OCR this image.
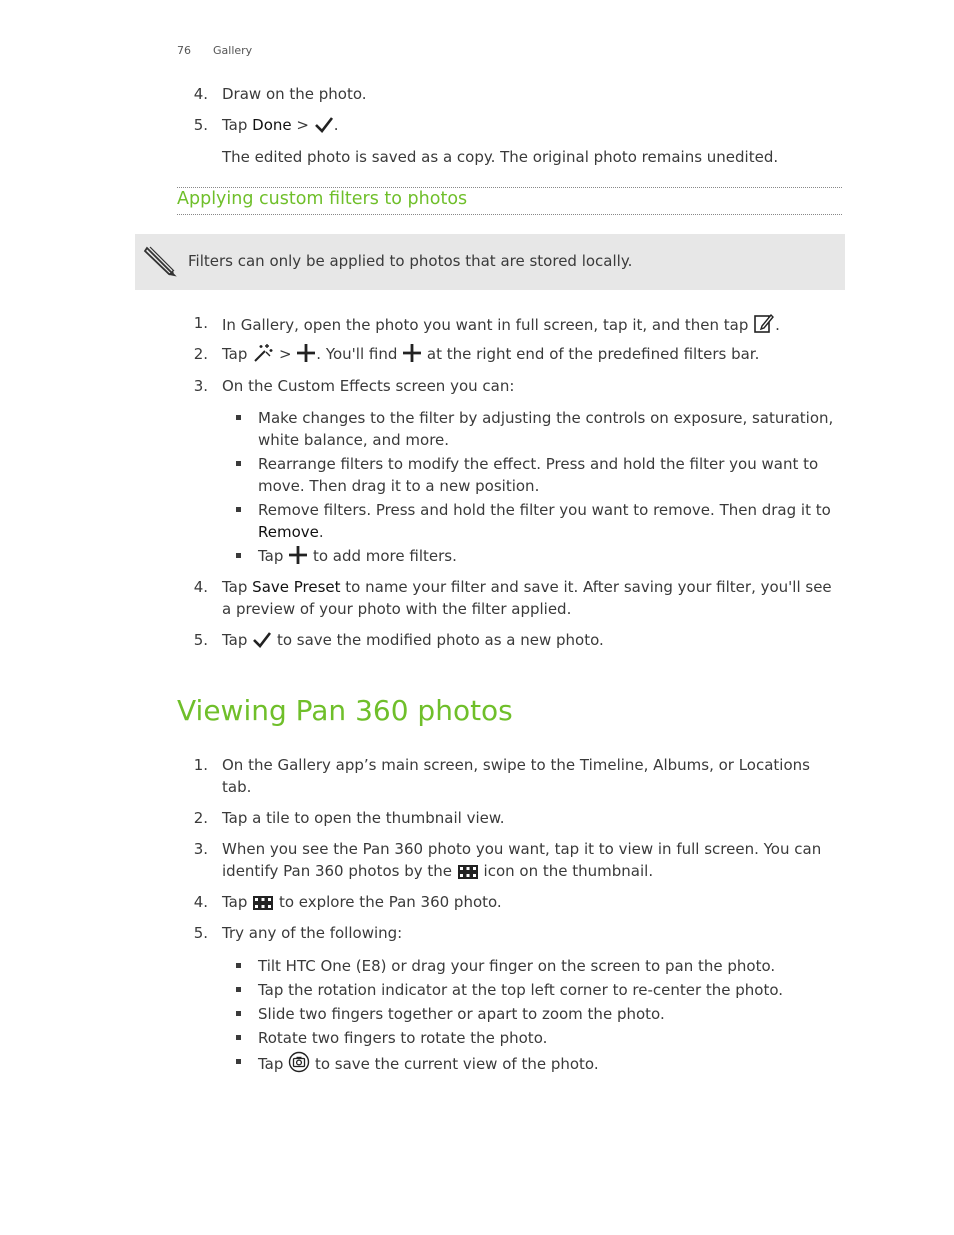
76 Gallery
4. Draw on the photo.
5. Tap Done > .
The edited photo is saved as a copy. The original photo remains unedited.
Applying custom filters to photos
Filters can only be applied to photos that are stored locally.
1. In Gallery, open the photo you want in full screen, tap it, and then tap .
2. Tap  > . You'll find  at the right end of the predefined filters bar.
3. On the Custom Effects screen you can:
Make changes to the filter by adjusting the controls on exposure, saturation, white balance, and more.
Rearrange filters to modify the effect. Press and hold the filter you want to move. Then drag it to a new position.
Remove filters. Press and hold the filter you want to remove. Then drag it to Remove.
Tap  to add more filters.
4. Tap Save Preset to name your filter and save it. After saving your filter, you'll see a preview of your photo with the filter applied.
5. Tap  to save the modified photo as a new photo.
Viewing Pan 360 photos
1. On the Gallery app’s main screen, swipe to the Timeline, Albums, or Locations tab.
2. Tap a tile to open the thumbnail view.
3. When you see the Pan 360 photo you want, tap it to view in full screen. You can identify Pan 360 photos by the  icon on the thumbnail.
4. Tap  to explore the Pan 360 photo.
5. Try any of the following:
Tilt HTC One (E8) or drag your finger on the screen to pan the photo.
Tap the rotation indicator at the top left corner to re-center the photo.
Slide two fingers together or apart to zoom the photo.
Rotate two fingers to rotate the photo.
Tap  to save the current view of the photo.
